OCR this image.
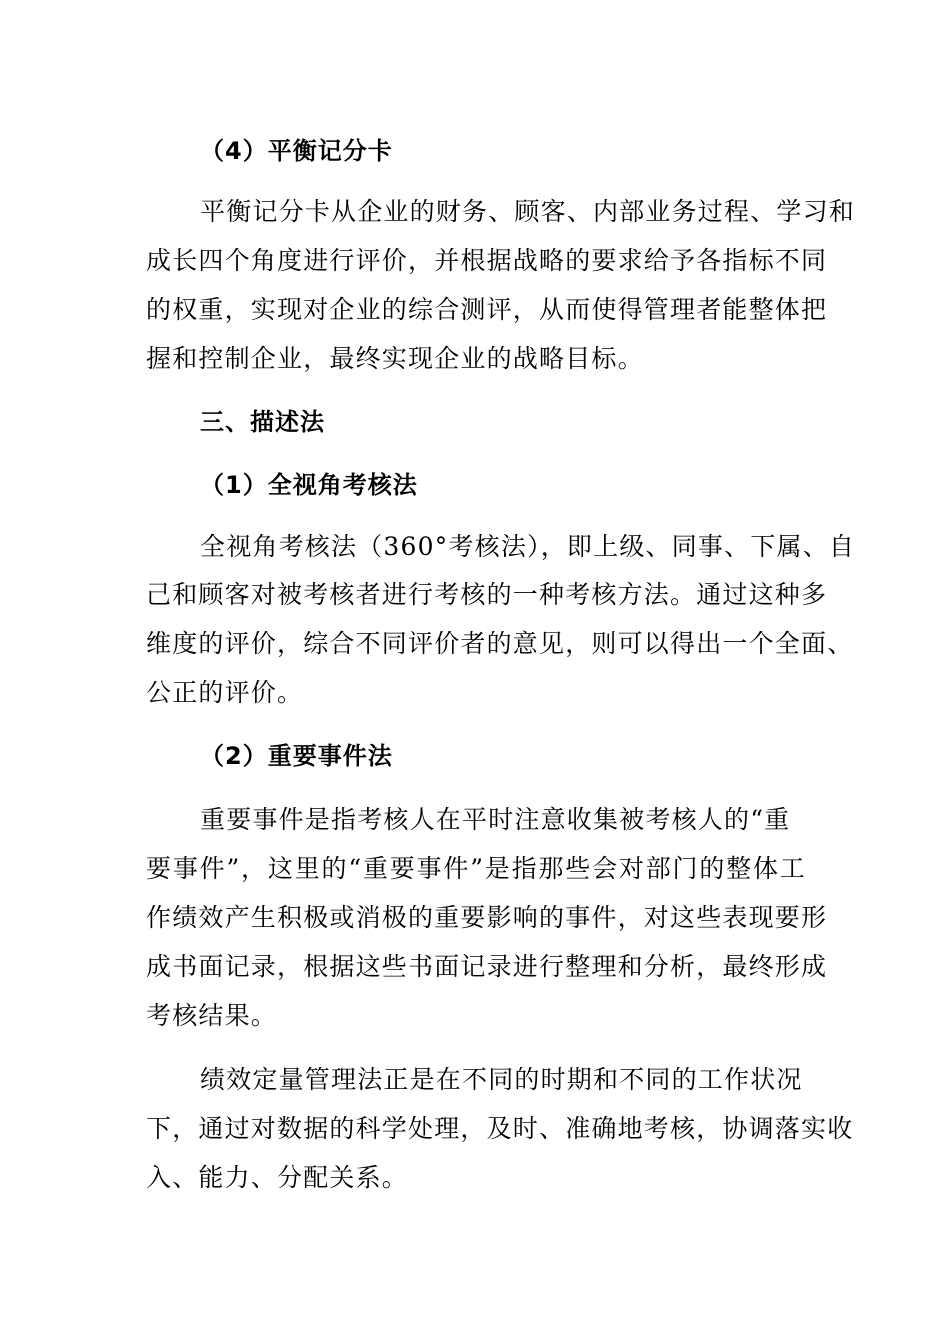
（4）平衡记分卡
平衡记分卡从企业的财务、顾客、内部业务过程、学习和
成长四个角度进行评价，并根据战略的要求给予各指标不同
的权重，实现对企业的综合测评，从而使得管理者能整体把
握和控制企业，最终实现企业的战略目标。
三、描述法
（1）全视角考核法
全视角考核法（360°考核法），即上级、同事、下属、自
己和顾客对被考核者进行考核的一种考核方法。通过这种多
维度的评价，综合不同评价者的意见，则可以得出一个全面、
公正的评价。
（2）重要事件法
重要事件是指考核人在平时注意收集被考核人的“重
要事件”，这里的“重要事件”是指那些会对部门的整体工
作绩效产生积极或消极的重要影响的事件，对这些表现要形
成书面记录，根据这些书面记录进行整理和分析，最终形成
考核结果。
绩效定量管理法正是在不同的时期和不同的工作状况
下，通过对数据的科学处理，及时、准确地考核，协调落实收
入、能力、分配关系。
